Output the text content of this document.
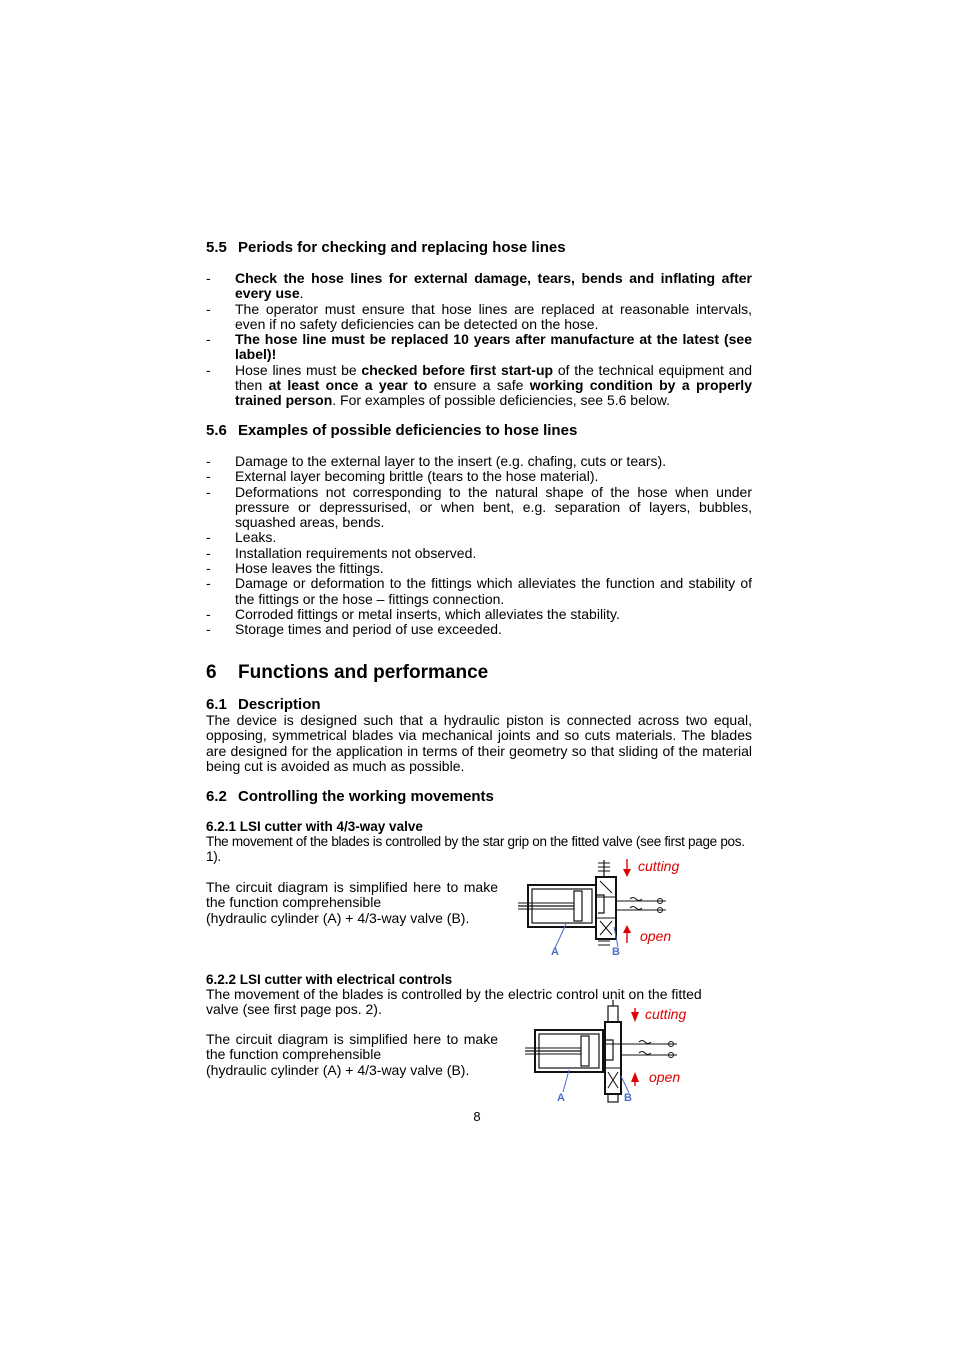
5.5 Periods for checking and replacing hose lines
- Check the hose lines for external damage, tears, bends and inflating after every use.
- The operator must ensure that hose lines are replaced at reasonable intervals, even if no safety deficiencies can be detected on the hose.
- The hose line must be replaced 10 years after manufacture at the latest (see label)!
- Hose lines must be checked before first start-up of the technical equipment and then at least once a year to ensure a safe working condition by a properly trained person. For examples of possible deficiencies, see 5.6 below.
5.6 Examples of possible deficiencies to hose lines
- Damage to the external layer to the insert (e.g. chafing, cuts or tears).
- External layer becoming brittle (tears to the hose material).
- Deformations not corresponding to the natural shape of the hose when under pressure or depressurised, or when bent, e.g. separation of layers, bubbles, squashed areas, bends.
- Leaks.
- Installation requirements not observed.
- Hose leaves the fittings.
- Damage or deformation to the fittings which alleviates the function and stability of the fittings or the hose – fittings connection.
- Corroded fittings or metal inserts, which alleviates the stability.
- Storage times and period of use exceeded.
6 Functions and performance
6.1 Description
The device is designed such that a hydraulic piston is connected across two equal, opposing, symmetrical blades via mechanical joints and so cuts materials. The blades are designed for the application in terms of their geometry so that sliding of the material being cut is avoided as much as possible.
6.2 Controlling the working movements
6.2.1 LSI cutter with 4/3-way valve
The movement of the blades is controlled by the star grip on the fitted valve (see first page pos. 1).
The circuit diagram is simplified here to make the function comprehensible
(hydraulic cylinder (A) + 4/3-way valve (B).
cutting
open
A	B
6.2.2 LSI cutter with electrical controls
The movement of the blades is controlled by the electric control unit on the fitted valve (see first page pos. 2).
The circuit diagram is simplified here to make the function comprehensible
(hydraulic cylinder (A) + 4/3-way valve (B).
cutting
open
A	B
8
